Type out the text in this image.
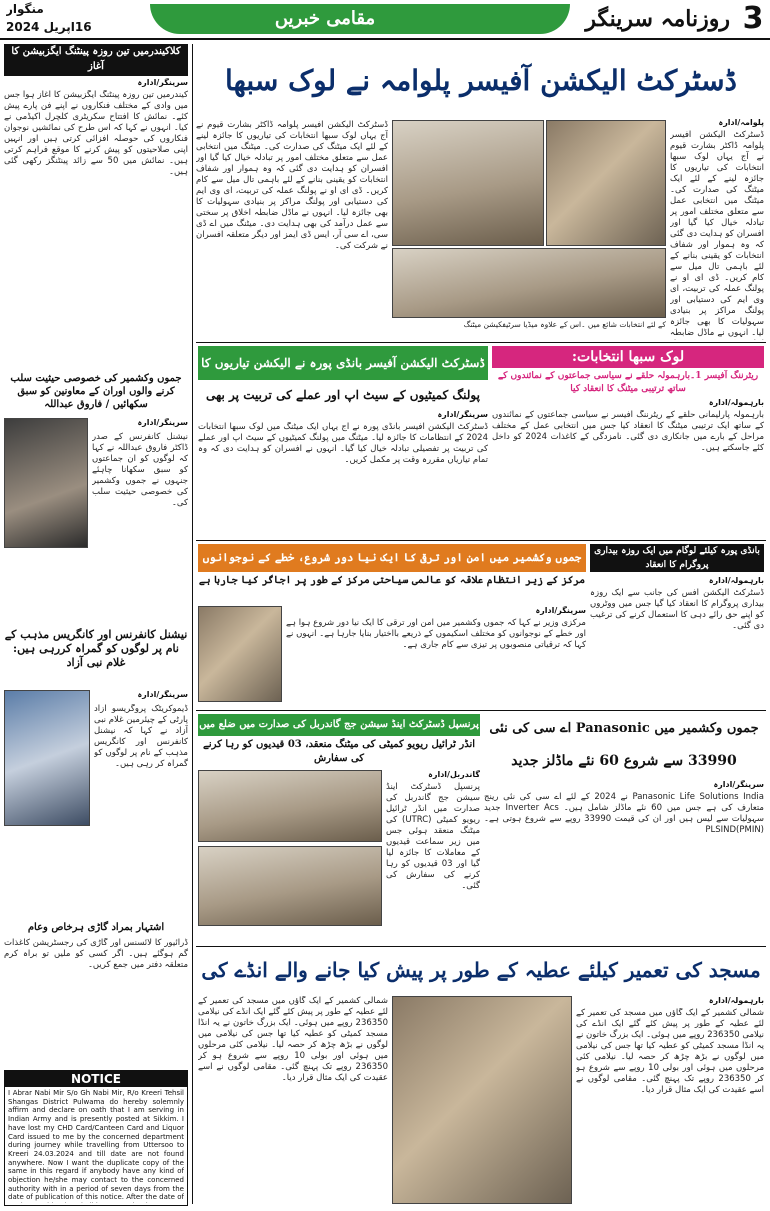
مقامی خبریں	روزنامہ سرینگر	3
منگوار
16اپریل 2024
کلاکیندرمیں تین روزہ پینٹنگ ایگزبیشن کا آغاز
سرینگر/ادارہ
کیندرمیں تین روزہ پینٹنگ ایگزبیشن کا آغاز ہوا جس میں وادی کے مختلف فنکاروں نے اپنے فن پارے پیش کئے۔ نمائش کا افتتاح سکریٹری کلچرل اکیڈمی نے کیا۔ انہوں نے کہا کہ اس طرح کی نمائشیں نوجوان فنکاروں کی حوصلہ افزائی کرتی ہیں اور انہیں اپنی صلاحیتوں کو پیش کرنے کا موقع فراہم کرتی ہیں۔ نمائش میں 50 سے زائد پینٹنگز رکھی گئی ہیں۔
جموں وکشمیر کی خصوصی حیثیت سلب کرنے والوں اوران کے معاونین کو سبق سکھائیں / فاروق عبداللہ
سرینگر/ادارہ
نیشنل کانفرنس کے صدر ڈاکٹر فاروق عبداللہ نے کہا کہ لوگوں کو ان جماعتوں کو سبق سکھانا چاہئے جنہوں نے جموں وکشمیر کی خصوصی حیثیت سلب کی۔
نیشنل کانفرنس اور کانگریس مذہب کے نام پر لوگوں کو گمراہ کررہی ہیں: غلام نبی آزاد
سرینگر/ادارہ
ڈیموکریٹک پروگریسو آزاد پارٹی کے چیئرمین غلام نبی آزاد نے کہا کہ نیشنل کانفرنس اور کانگریس مذہب کے نام پر لوگوں کو گمراہ کر رہی ہیں۔
اشتہار بمراد گاڑی ہرخاص وعام
ڈرائیور کا لائسنس اور گاڑی کی رجسٹریشن کاغذات گم ہوگئے ہیں۔ اگر کسی کو ملیں تو براہ کرم متعلقہ دفتر میں جمع کریں۔
NOTICE
I Abrar Nabi Mir S/o Gh Nabi Mir, R/o Kreeri Tehsil Shangas District Pulwama do hereby solemnly affirm and declare on oath that I am serving in Indian Army and is presently posted at Sikkim. I have lost my CHD Card/Canteen Card and Liquor Card issued to me by the concerned department during journey while travelling from Uttersoo to Kreeri 24.03.2024 and till date are not found anywhere. Now I want the duplicate copy of the same in this regard if anybody have any kind of objection he/she may contact to the concerned authority with in a period of seven days from the date of publication of this notice. After the date of
ڈسٹرکٹ الیکشن آفیسر پلوامہ نے لوک سبھا
پلوامہ/ادارہ
ڈسٹرکٹ الیکشن آفیسر پلوامہ ڈاکٹر بشارت قیوم نے آج یہاں لوک سبھا انتخابات کی تیاریوں کا جائزہ لینے کے لئے ایک میٹنگ کی صدارت کی۔ میٹنگ میں انتخابی عمل سے متعلق مختلف امور پر تبادلہ خیال کیا گیا اور افسران کو ہدایت دی گئی کہ وہ ہموار اور شفاف انتخابات کو یقینی بنانے کے لئے باہمی تال میل سے کام کریں۔ ڈی ای او نے پولنگ عملہ کی تربیت، ای وی ایم کی دستیابی اور پولنگ مراکز پر بنیادی سہولیات کا بھی جائزہ لیا۔ انہوں نے ماڈل ضابطہ
کے لئے انتخابات شائع میں ۔اس کے علاوہ میڈیا سرٹیفکیشن میٹنگ
ڈسٹرکٹ الیکشن آفیسر پلوامہ ڈاکٹر بشارت قیوم نے آج یہاں لوک سبھا انتخابات کی تیاریوں کا جائزہ لینے کے لئے ایک میٹنگ کی صدارت کی۔ میٹنگ میں انتخابی عمل سے متعلق مختلف امور پر تبادلہ خیال کیا گیا اور افسران کو ہدایت دی گئی کہ وہ ہموار اور شفاف انتخابات کو یقینی بنانے کے لئے باہمی تال میل سے کام کریں۔ ڈی ای او نے پولنگ عملہ کی تربیت، ای وی ایم کی دستیابی اور پولنگ مراکز پر بنیادی سہولیات کا بھی جائزہ لیا۔ انہوں نے ماڈل ضابطہ اخلاق پر سختی سے عمل درآمد کی بھی ہدایت دی۔ میٹنگ میں اے ڈی سی، اے سی آر، ایس ڈی ایمز اور دیگر متعلقہ افسران نے شرکت کی۔
ڈسٹرکٹ الیکشن آفیسر بانڈی پورہ نے الیکشن تیاریوں کا
پولنگ کمیٹیوں کے سیٹ اپ اور عملے کی تربیت پر بھی
سرینگر/ادارہ
ڈسٹرکٹ الیکشن آفیسر بانڈی پورہ نے آج یہاں ایک میٹنگ میں لوک سبھا انتخابات 2024 کے انتظامات کا جائزہ لیا۔ میٹنگ میں پولنگ کمیٹیوں کے سیٹ اپ اور عملے کی تربیت پر تفصیلی تبادلہ خیال کیا گیا۔ انہوں نے افسران کو ہدایت دی کہ وہ تمام تیاریاں مقررہ وقت پر مکمل کریں۔
لوک سبھا انتخابات:
ریٹرننگ آفیسر 1۔بارہمولہ حلقے نے سیاسی جماعتوں کے نمائندوں کے ساتھ ترتیبی میٹنگ کا انعقاد کیا
بارہمولہ/ادارہ
بارہمولہ پارلیمانی حلقے کے ریٹرننگ آفیسر نے سیاسی جماعتوں کے نمائندوں کے ساتھ ایک ترتیبی میٹنگ کا انعقاد کیا جس میں انتخابی عمل کے مختلف مراحل کے بارے میں جانکاری دی گئی۔ نامزدگی کے کاغذات 2024 کو داخل کئے جاسکتے ہیں۔
جموں وکشمیر میں امن اور ترقی کا ایک نیا دور شروع، خطے کے نوجوانوں
مرکز کے زیر انتظام علاقہ کو عالمی سیاحتی مرکز کے طور پر اجاگر کیا جارہا ہے
سرینگر/ادارہ
مرکزی وزیر نے کہا کہ جموں وکشمیر میں امن اور ترقی کا ایک نیا دور شروع ہوا ہے اور خطے کے نوجوانوں کو مختلف اسکیموں کے ذریعے بااختیار بنایا جارہا ہے۔ انہوں نے کہا کہ ترقیاتی منصوبوں پر تیزی سے کام جاری ہے۔
بانڈی پورہ کیلئے لوگام میں ایک روزہ بیداری پروگرام کا انعقاد
بارہمولہ/ادارہ
ڈسٹرکٹ الیکشن آفس کی جانب سے ایک روزہ بیداری پروگرام کا انعقاد کیا گیا جس میں ووٹروں کو اپنے حق رائے دہی کا استعمال کرنے کی ترغیب دی گئی۔
پرنسپل ڈسٹرکٹ اینڈ سیشن جج گاندربل کی صدارت میں ضلع میں
انڈر ٹرائیل ریویو کمیٹی کی میٹنگ منعقد، 03 قیدیوں کو رہا کرنے کی سفارش
گاندربل/ادارہ
پرنسپل ڈسٹرکٹ اینڈ سیشن جج گاندربل کی صدارت میں انڈر ٹرائیل ریویو کمیٹی (UTRC) کی میٹنگ منعقد ہوئی جس میں زیر سماعت قیدیوں کے معاملات کا جائزہ لیا گیا اور 03 قیدیوں کو رہا کرنے کی سفارش کی گئی۔
جموں وکشمیر میں Panasonic اے سی کی نئی
33990 سے شروع 60 نئے ماڈلز جدید
سرینگر/ادارہ
Panasonic Life Solutions India نے 2024 کے لئے اے سی کی نئی رینج متعارف کی ہے جس میں 60 نئے ماڈلز شامل ہیں۔ Inverter Acs جدید سہولیات سے لیس ہیں اور ان کی قیمت 33990 روپے سے شروع ہوتی ہے۔ PLSIND(PMIN)
مسجد کی تعمیر کیلئے عطیہ کے طور پر پیش کیا جانے والے انڈے کی
بارہمولہ/ادارہ
شمالی کشمیر کے ایک گاؤں میں مسجد کی تعمیر کے لئے عطیہ کے طور پر پیش کئے گئے ایک انڈے کی نیلامی 236350 روپے میں ہوئی۔ ایک بزرگ خاتون نے یہ انڈا مسجد کمیٹی کو عطیہ کیا تھا جس کی نیلامی میں لوگوں نے بڑھ چڑھ کر حصہ لیا۔ نیلامی کئی مرحلوں میں ہوئی اور بولی 10 روپے سے شروع ہو کر 236350 روپے تک پہنچ گئی۔ مقامی لوگوں نے اسے عقیدت کی ایک مثال قرار دیا۔
شمالی کشمیر کے ایک گاؤں میں مسجد کی تعمیر کے لئے عطیہ کے طور پر پیش کئے گئے ایک انڈے کی نیلامی 236350 روپے میں ہوئی۔ ایک بزرگ خاتون نے یہ انڈا مسجد کمیٹی کو عطیہ کیا تھا جس کی نیلامی میں لوگوں نے بڑھ چڑھ کر حصہ لیا۔ نیلامی کئی مرحلوں میں ہوئی اور بولی 10 روپے سے شروع ہو کر 236350 روپے تک پہنچ گئی۔ مقامی لوگوں نے اسے عقیدت کی ایک مثال قرار دیا۔
